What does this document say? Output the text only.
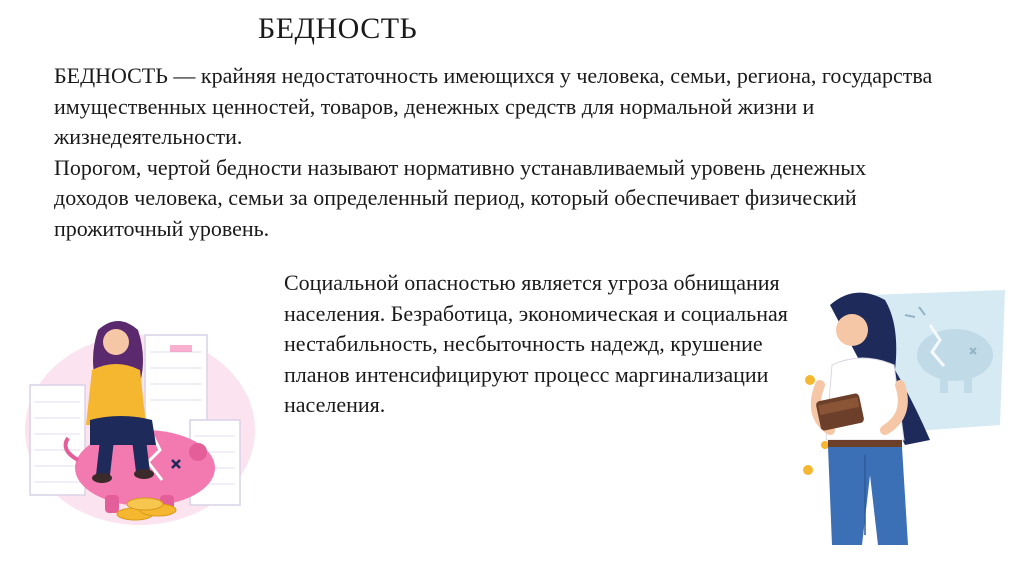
БЕДНОСТЬ

БЕДНОСТЬ — крайняя недостаточность имеющихся у человека, семьи, региона, государства имущественных ценностей, товаров, денежных средств для нормальной жизни и жизнедеятельности.

Порогом, чертой бедности называют нормативно устанавливаемый уровень денежных доходов человека, семьи за определенный период, который обеспечивает физический прожиточный уровень.

Социальной опасностью является угроза обнищания населения. Безработица, экономическая и социальная нестабильность, несбыточность надежд, крушение планов интенсифицируют процесс маргинализации населения.
